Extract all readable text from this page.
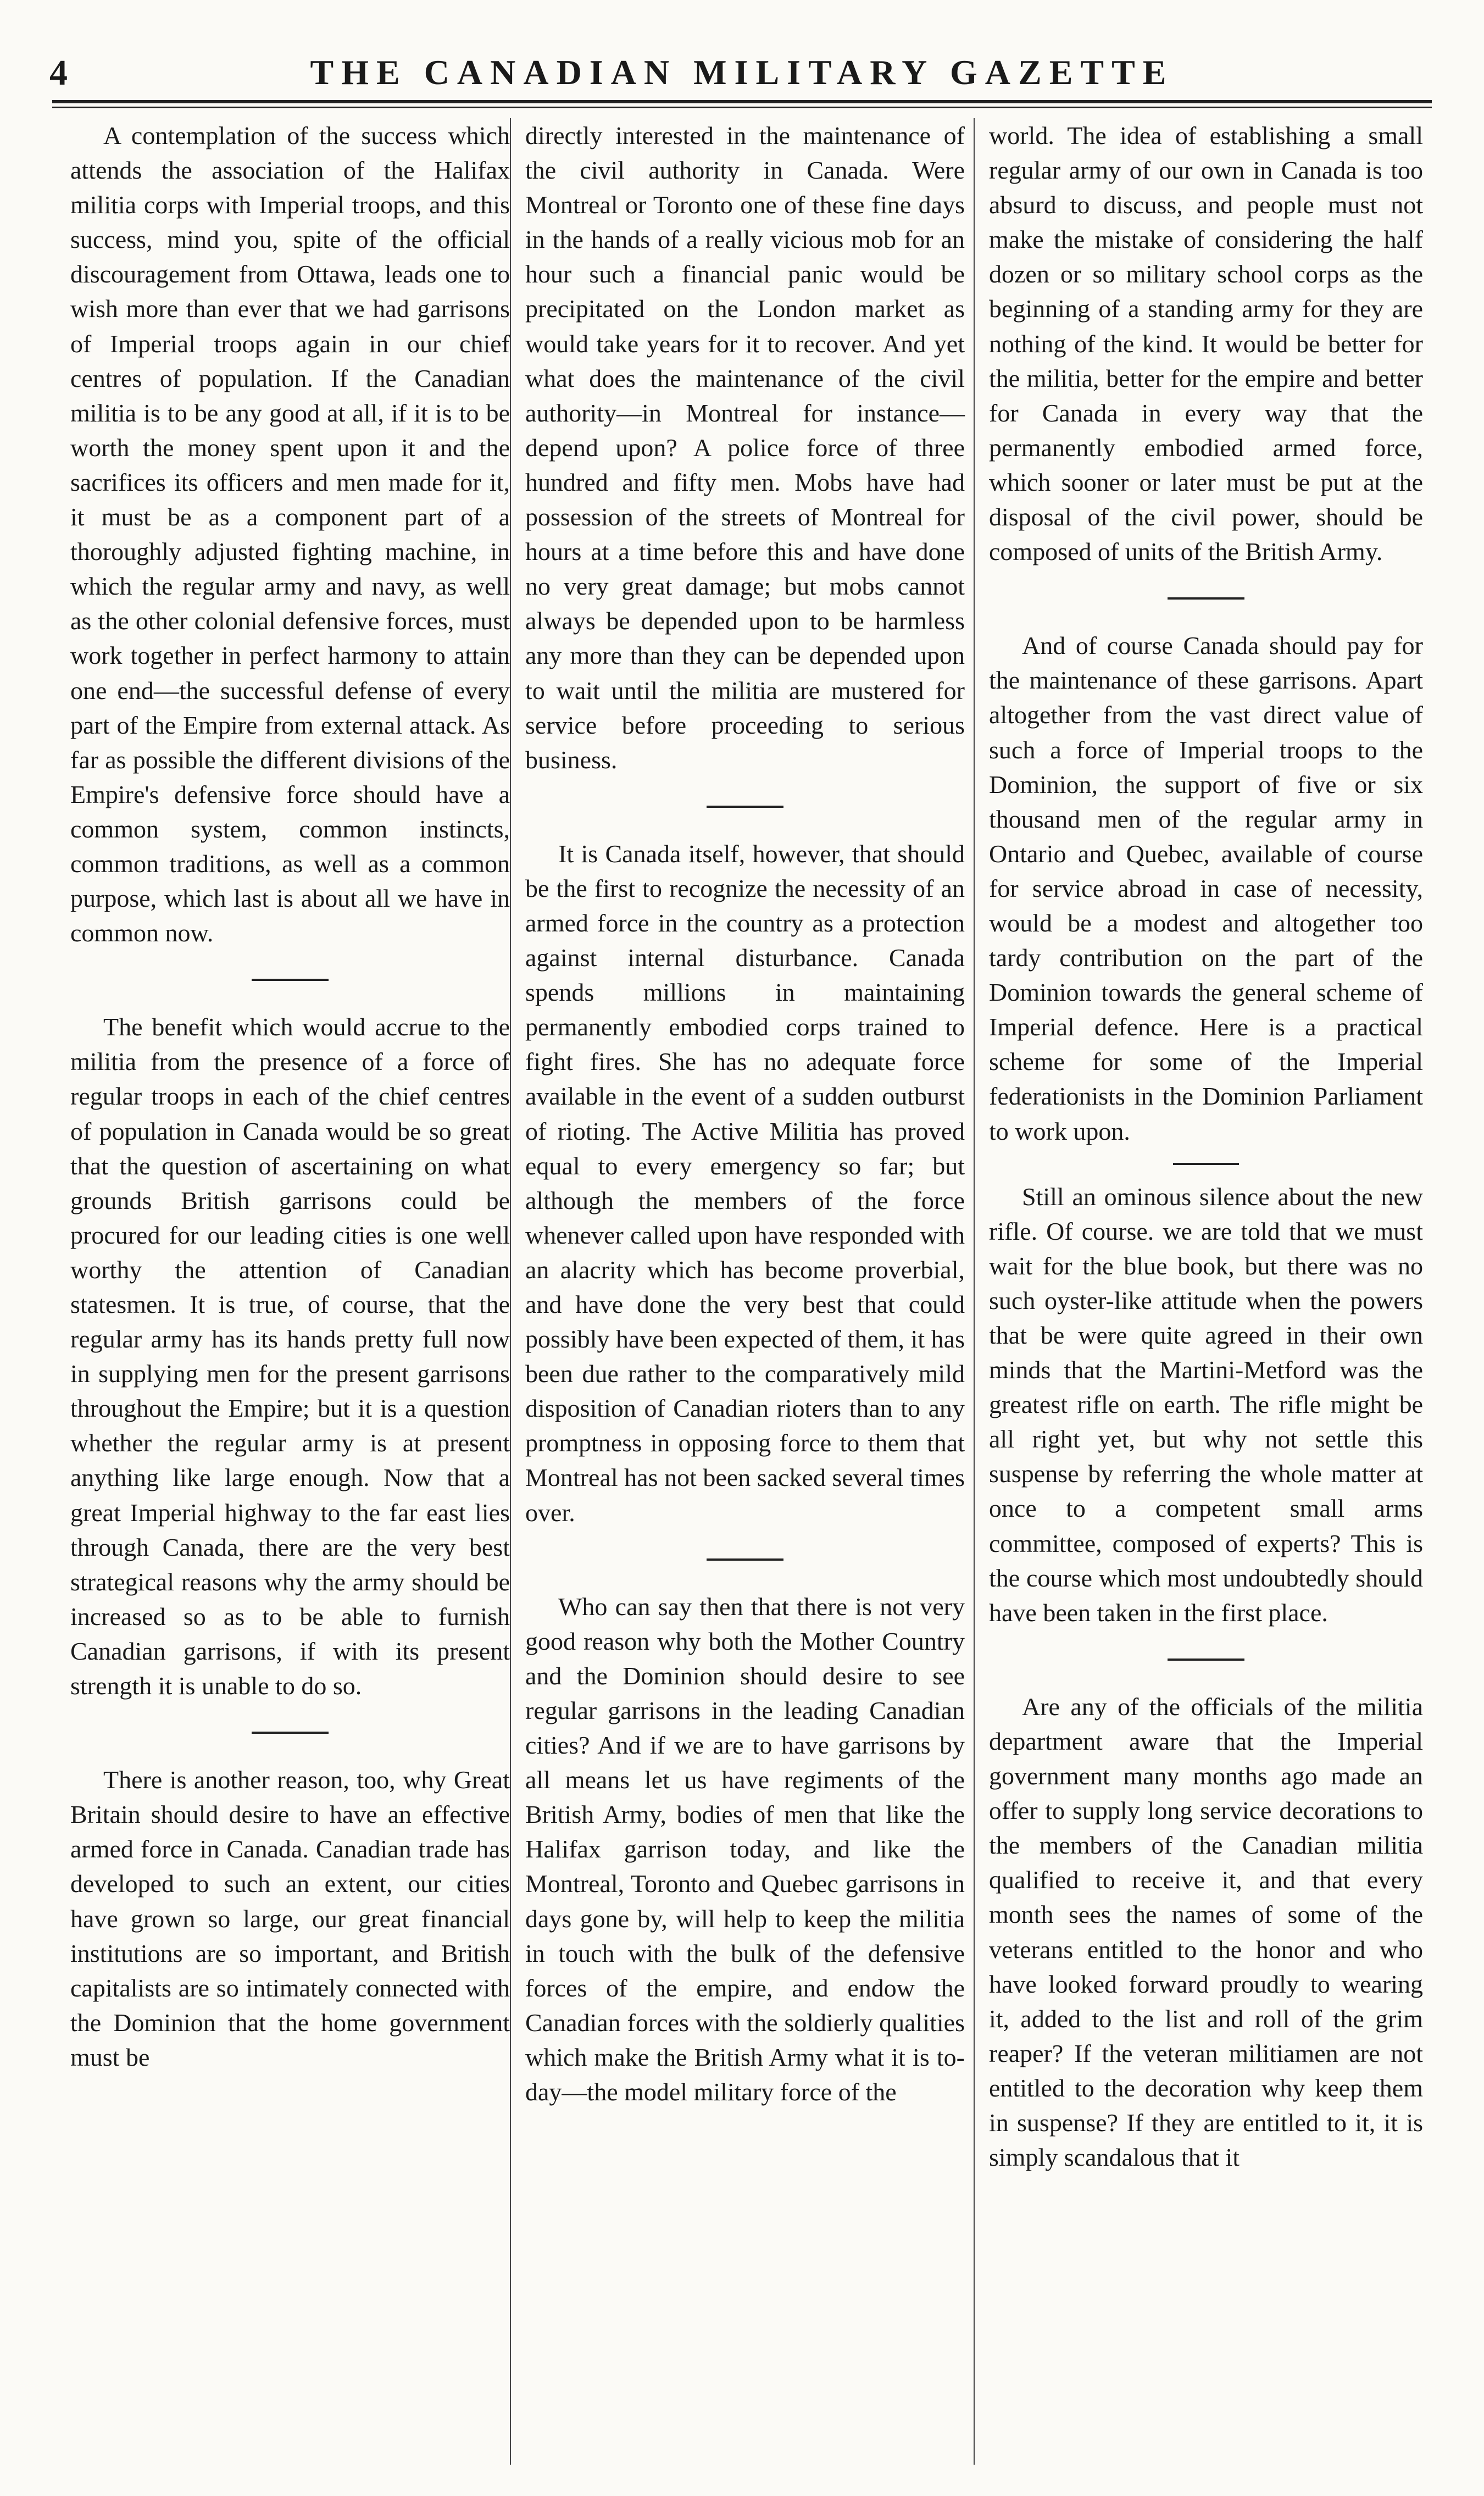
4	THE CANADIAN MILITARY GAZETTE

A contemplation of the success which attends the association of the Halifax militia corps with Imperial troops, and this success, mind you, spite of the official discouragement from Ottawa, leads one to wish more than ever that we had garrisons of Imperial troops again in our chief centres of population. If the Canadian militia is to be any good at all, if it is to be worth the money spent upon it and the sacrifices its officers and men made for it, it must be as a component part of a thoroughly adjusted fighting machine, in which the regular army and navy, as well as the other colonial defensive forces, must work together in perfect harmony to attain one end—the successful defense of every part of the Empire from external attack. As far as possible the different divisions of the Empire's defensive force should have a common system, common instincts, common traditions, as well as a common purpose, which last is about all we have in common now.

The benefit which would accrue to the militia from the presence of a force of regular troops in each of the chief centres of population in Canada would be so great that the question of ascertaining on what grounds British garrisons could be procured for our leading cities is one well worthy the attention of Canadian statesmen. It is true, of course, that the regular army has its hands pretty full now in supplying men for the present garrisons throughout the Empire; but it is a question whether the regular army is at present anything like large enough. Now that a great Imperial highway to the far east lies through Canada, there are the very best strategical reasons why the army should be increased so as to be able to furnish Canadian garrisons, if with its present strength it is unable to do so.

There is another reason, too, why Great Britain should desire to have an effective armed force in Canada. Canadian trade has developed to such an extent, our cities have grown so large, our great financial institutions are so important, and British capitalists are so intimately connected with the Dominion that the home government must be

directly interested in the maintenance of the civil authority in Canada. Were Montreal or Toronto one of these fine days in the hands of a really vicious mob for an hour such a financial panic would be precipitated on the London market as would take years for it to recover. And yet what does the maintenance of the civil authority—in Montreal for instance—depend upon? A police force of three hundred and fifty men. Mobs have had possession of the streets of Montreal for hours at a time before this and have done no very great damage; but mobs cannot always be depended upon to be harmless any more than they can be depended upon to wait until the militia are mustered for service before proceeding to serious business.

It is Canada itself, however, that should be the first to recognize the necessity of an armed force in the country as a protection against internal disturbance. Canada spends millions in maintaining permanently embodied corps trained to fight fires. She has no adequate force available in the event of a sudden outburst of rioting. The Active Militia has proved equal to every emergency so far; but although the members of the force whenever called upon have responded with an alacrity which has become proverbial, and have done the very best that could possibly have been expected of them, it has been due rather to the comparatively mild disposition of Canadian rioters than to any promptness in opposing force to them that Montreal has not been sacked several times over.

Who can say then that there is not very good reason why both the Mother Country and the Dominion should desire to see regular garrisons in the leading Canadian cities? And if we are to have garrisons by all means let us have regiments of the British Army, bodies of men that like the Halifax garrison today, and like the Montreal, Toronto and Quebec garrisons in days gone by, will help to keep the militia in touch with the bulk of the defensive forces of the empire, and endow the Canadian forces with the soldierly qualities which make the British Army what it is to-day—the model military force of the

world. The idea of establishing a small regular army of our own in Canada is too absurd to discuss, and people must not make the mistake of considering the half dozen or so military school corps as the beginning of a standing army for they are nothing of the kind. It would be better for the militia, better for the empire and better for Canada in every way that the permanently embodied armed force, which sooner or later must be put at the disposal of the civil power, should be composed of units of the British Army.

And of course Canada should pay for the maintenance of these garrisons. Apart altogether from the vast direct value of such a force of Imperial troops to the Dominion, the support of five or six thousand men of the regular army in Ontario and Quebec, available of course for service abroad in case of necessity, would be a modest and altogether too tardy contribution on the part of the Dominion towards the general scheme of Imperial defence. Here is a practical scheme for some of the Imperial federationists in the Dominion Parliament to work upon.

Still an ominous silence about the new rifle. Of course. we are told that we must wait for the blue book, but there was no such oyster-like attitude when the powers that be were quite agreed in their own minds that the Martini-Metford was the greatest rifle on earth. The rifle might be all right yet, but why not settle this suspense by referring the whole matter at once to a competent small arms committee, composed of experts? This is the course which most undoubtedly should have been taken in the first place.

Are any of the officials of the militia department aware that the Imperial government many months ago made an offer to supply long service decorations to the members of the Canadian militia qualified to receive it, and that every month sees the names of some of the veterans entitled to the honor and who have looked forward proudly to wearing it, added to the list and roll of the grim reaper? If the veteran militiamen are not entitled to the decoration why keep them in suspense? If they are entitled to it, it is simply scandalous that it
